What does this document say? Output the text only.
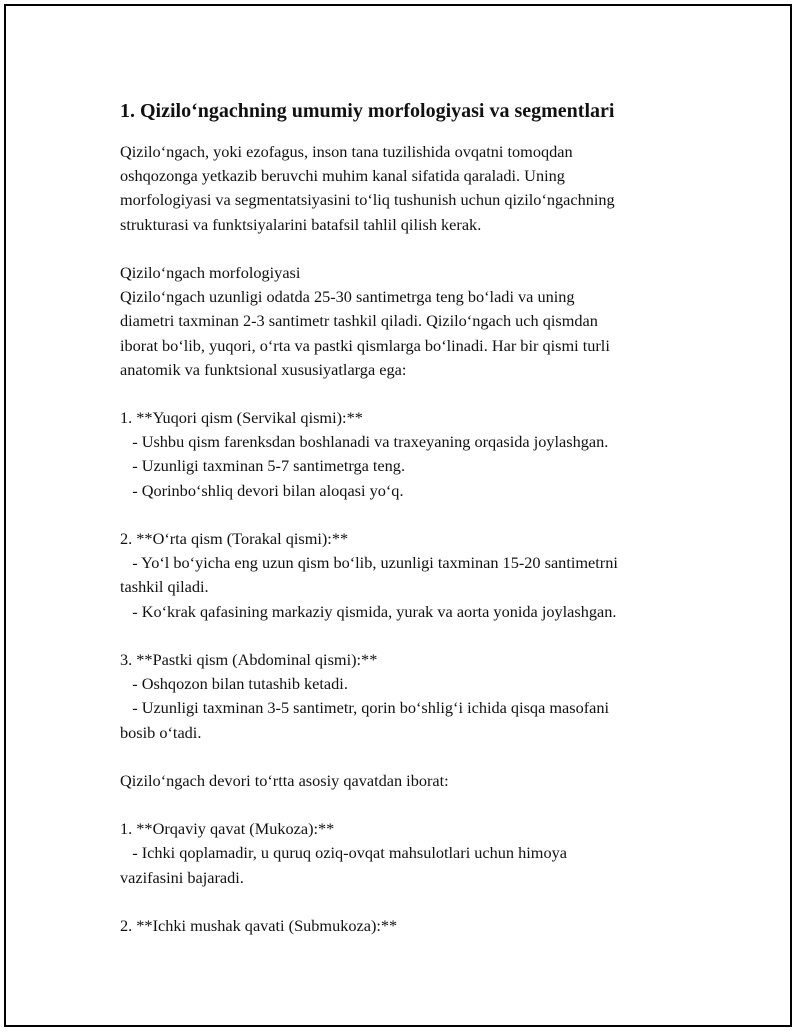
1. Qizilo‘ngachning umumiy morfologiyasi va segmentlari
Qizilo‘ngach, yoki ezofagus, inson tana tuzilishida ovqatni tomoqdan
oshqozonga yetkazib beruvchi muhim kanal sifatida qaraladi. Uning
morfologiyasi va segmentatsiyasini to‘liq tushunish uchun qizilo‘ngachning
strukturasi va funktsiyalarini batafsil tahlil qilish kerak.
Qizilo‘ngach morfologiyasi
Qizilo‘ngach uzunligi odatda 25-30 santimetrga teng bo‘ladi va uning
diametri taxminan 2-3 santimetr tashkil qiladi. Qizilo‘ngach uch qismdan
iborat bo‘lib, yuqori, o‘rta va pastki qismlarga bo‘linadi. Har bir qismi turli
anatomik va funktsional xususiyatlarga ega:
1. **Yuqori qism (Servikal qismi):**
- Ushbu qism farenksdan boshlanadi va traxeyaning orqasida joylashgan.
- Uzunligi taxminan 5-7 santimetrga teng.
- Qorinbo‘shliq devori bilan aloqasi yo‘q.
2. **O‘rta qism (Torakal qismi):**
- Yo‘l bo‘yicha eng uzun qism bo‘lib, uzunligi taxminan 15-20 santimetrni
tashkil qiladi.
- Ko‘krak qafasining markaziy qismida, yurak va aorta yonida joylashgan.
3. **Pastki qism (Abdominal qismi):**
- Oshqozon bilan tutashib ketadi.
- Uzunligi taxminan 3-5 santimetr, qorin bo‘shlig‘i ichida qisqa masofani
bosib o‘tadi.
Qizilo‘ngach devori to‘rtta asosiy qavatdan iborat:
1. **Orqaviy qavat (Mukoza):**
- Ichki qoplamadir, u quruq oziq-ovqat mahsulotlari uchun himoya
vazifasini bajaradi.
2. **Ichki mushak qavati (Submukoza):**
